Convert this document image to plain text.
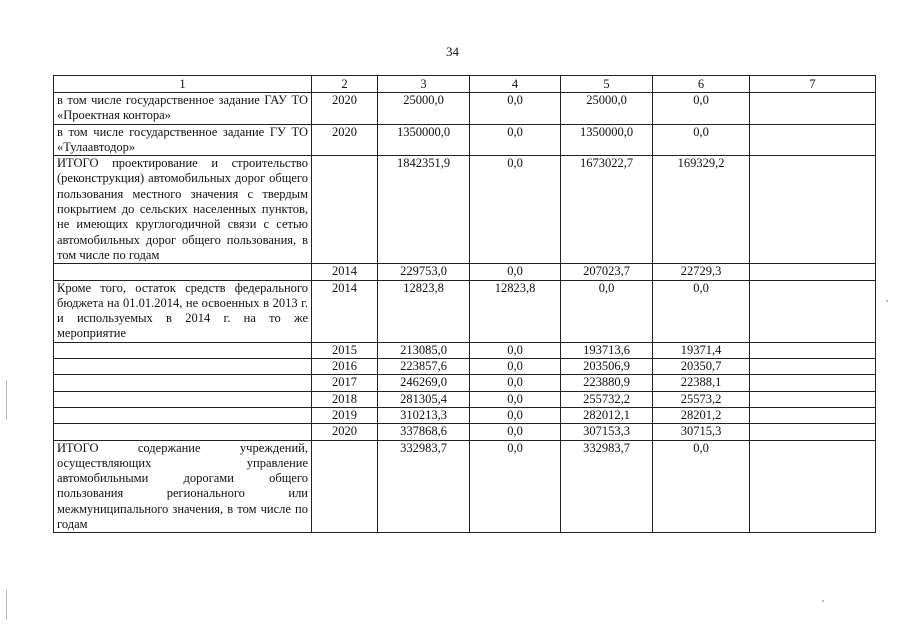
34
1	2	3	4	5	6	7
в том числе государственное задание ГАУ ТО «Проектная контора»	2020	25000,0	0,0	25000,0	0,0	
в том числе государственное задание ГУ ТО «Тулаавтодор»	2020	1350000,0	0,0	1350000,0	0,0	
ИТОГО проектирование и строительство (реконструкция) автомобильных дорог общего пользования местного значения с твердым покрытием до сельских населенных пунктов, не имеющих круглогодичной связи с сетью автомобильных дорог общего пользования, в том числе по годам		1842351,9	0,0	1673022,7	169329,2	
	2014	229753,0	0,0	207023,7	22729,3	
Кроме того, остаток средств федерального бюджета на 01.01.2014, не освоенных в 2013 г. и используемых в 2014 г. на то же мероприятие	2014	12823,8	12823,8	0,0	0,0	
	2015	213085,0	0,0	193713,6	19371,4	
	2016	223857,6	0,0	203506,9	20350,7	
	2017	246269,0	0,0	223880,9	22388,1	
	2018	281305,4	0,0	255732,2	25573,2	
	2019	310213,3	0,0	282012,1	28201,2	
	2020	337868,6	0,0	307153,3	30715,3	
ИТОГО содержание учреждений, осуществляющих управление автомобильными дорогами общего пользования регионального или межмуниципального значения, в том числе по годам		332983,7	0,0	332983,7	0,0	
